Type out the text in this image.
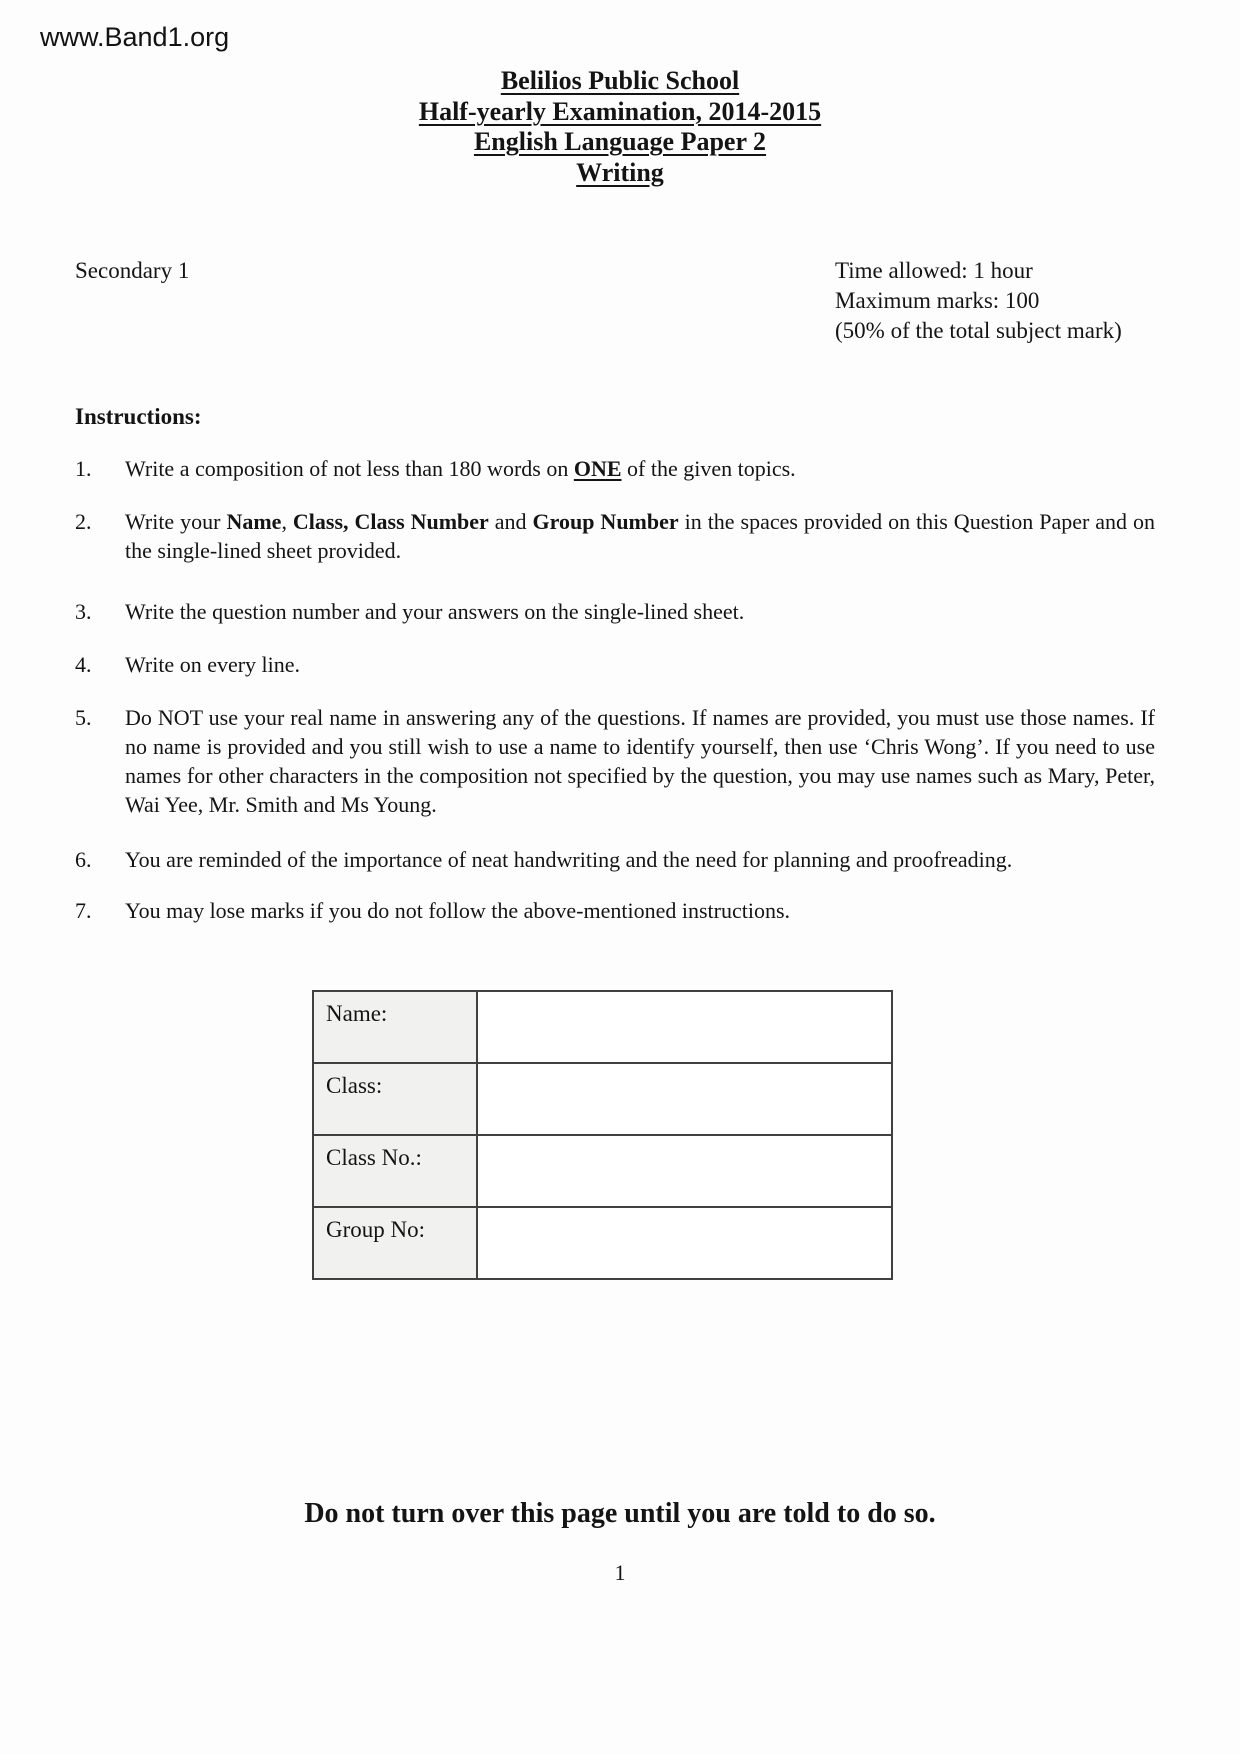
www.Band1.org
Belilios Public School
Half-yearly Examination, 2014-2015
English Language Paper 2
Writing
Secondary 1	Time allowed: 1 hour
Maximum marks: 100
(50% of the total subject mark)
Instructions:
1.	Write a composition of not less than 180 words on ONE of the given topics.
2.	Write your Name, Class, Class Number and Group Number in the spaces provided on this Question Paper and on the single-lined sheet provided.
3.	Write the question number and your answers on the single-lined sheet.
4.	Write on every line.
5.	Do NOT use your real name in answering any of the questions. If names are provided, you must use those names. If no name is provided and you still wish to use a name to identify yourself, then use ‘Chris Wong’. If you need to use names for other characters in the composition not specified by the question, you may use names such as Mary, Peter, Wai Yee, Mr. Smith and Ms Young.
6.	You are reminded of the importance of neat handwriting and the need for planning and proofreading.
7.	You may lose marks if you do not follow the above-mentioned instructions.
Name:	
Class:	
Class No.:	
Group No:	
Do not turn over this page until you are told to do so.
1
